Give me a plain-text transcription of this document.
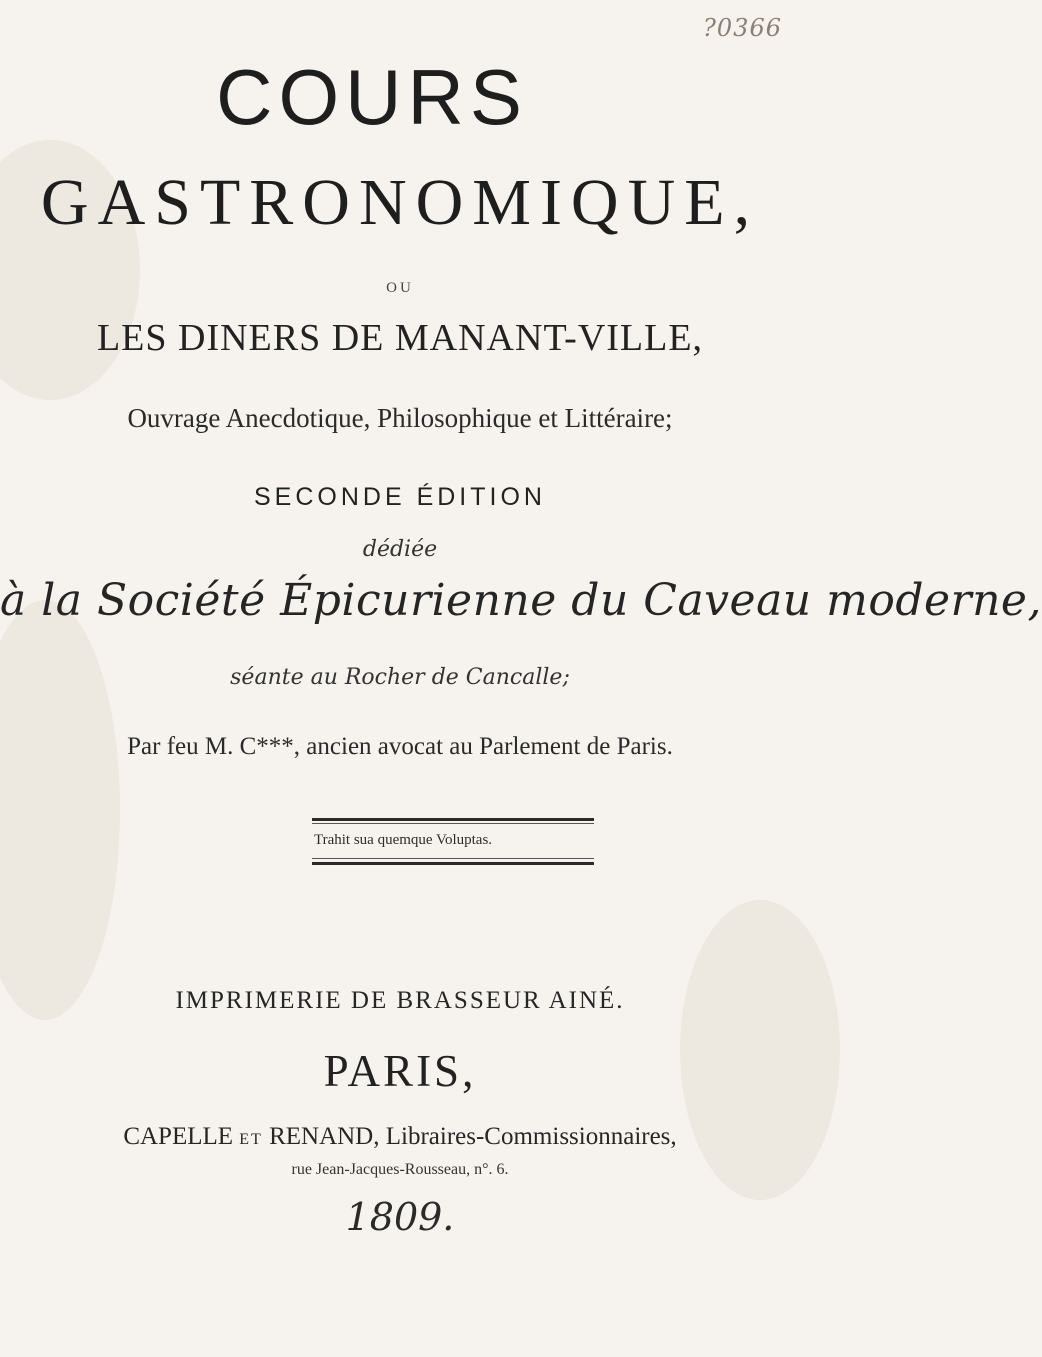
?0366
COURS
GASTRONOMIQUE,
OU
LES DINERS DE MANANT-VILLE,
Ouvrage Anecdotique, Philosophique et Littéraire;
SECONDE ÉDITION
dédiée
à la Société Épicurienne du Caveau moderne,
séante au Rocher de Cancalle;
Par feu M. C***, ancien avocat au Parlement de Paris.
Trahit sua quemque Voluptas.
IMPRIMERIE DE BRASSEUR AINÉ.
PARIS,
CAPELLE ET RENAND, Libraires-Commissionnaires,
rue Jean-Jacques-Rousseau, n°. 6.
1809.
